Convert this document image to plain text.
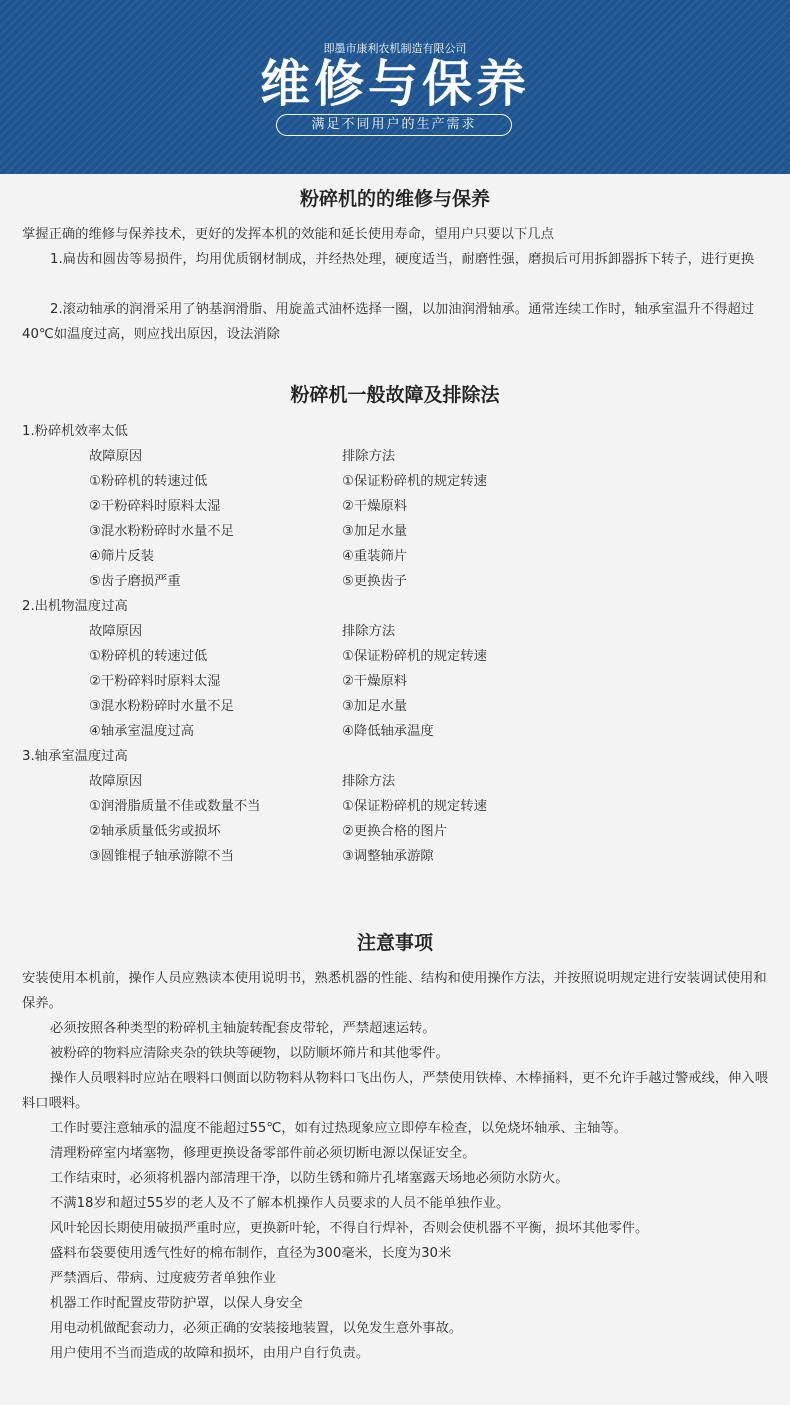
即墨市康利农机制造有限公司
维修与保养
满足不同用户的生产需求
粉碎机的的维修与保养
掌握正确的维修与保养技术，更好的发挥本机的效能和延长使用寿命，望用户只要以下几点
1.扁齿和圆齿等易损件，均用优质钢材制成，并经热处理，硬度适当，耐磨性强，磨损后可用拆卸器拆下转子，进行更换
2.滚动轴承的润滑采用了钠基润滑脂、用旋盖式油杯选择一圈，以加油润滑轴承。通常连续工作时，轴承室温升不得超过40℃如温度过高，则应找出原因，设法消除
粉碎机一般故障及排除法
1.粉碎机效率太低
故障原因	排除方法
①粉碎机的转速过低	①保证粉碎机的规定转速
②干粉碎料时原料太湿	②干燥原料
③混水粉粉碎时水量不足	③加足水量
④筛片反装	④重装筛片
⑤齿子磨损严重	⑤更换齿子
2.出机物温度过高
故障原因	排除方法
①粉碎机的转速过低	①保证粉碎机的规定转速
②干粉碎料时原料太湿	②干燥原料
③混水粉粉碎时水量不足	③加足水量
④轴承室温度过高	④降低轴承温度
3.轴承室温度过高
故障原因	排除方法
①润滑脂质量不佳或数量不当	①保证粉碎机的规定转速
②轴承质量低劣或损坏	②更换合格的图片
③圆锥棍子轴承游隙不当	③调整轴承游隙
注意事项
安装使用本机前，操作人员应熟读本使用说明书，熟悉机器的性能、结构和使用操作方法，并按照说明规定进行安装调试使用和保养。
必须按照各种类型的粉碎机主轴旋转配套皮带轮，严禁超速运转。
被粉碎的物料应清除夹杂的铁块等硬物，以防顺坏筛片和其他零件。
操作人员喂料时应站在喂料口侧面以防物料从物料口飞出伤人，严禁使用铁棒、木棒捅料，更不允许手越过警戒线，伸入喂料口喂料。
工作时要注意轴承的温度不能超过55℃，如有过热现象应立即停车检查，以免烧坏轴承、主轴等。
清理粉碎室内堵塞物，修理更换设备零部件前必须切断电源以保证安全。
工作结束时，必须将机器内部清理干净，以防生锈和筛片孔堵塞露天场地必须防水防火。
不满18岁和超过55岁的老人及不了解本机操作人员要求的人员不能单独作业。
风叶轮因长期使用破损严重时应，更换新叶轮，不得自行焊补，否则会使机器不平衡，损坏其他零件。
盛料布袋要使用透气性好的棉布制作，直径为300毫米，长度为30米
严禁酒后、带病、过度疲劳者单独作业
机器工作时配置皮带防护罩，以保人身安全
用电动机做配套动力，必须正确的安装接地装置，以免发生意外事故。
用户使用不当而造成的故障和损坏，由用户自行负责。
